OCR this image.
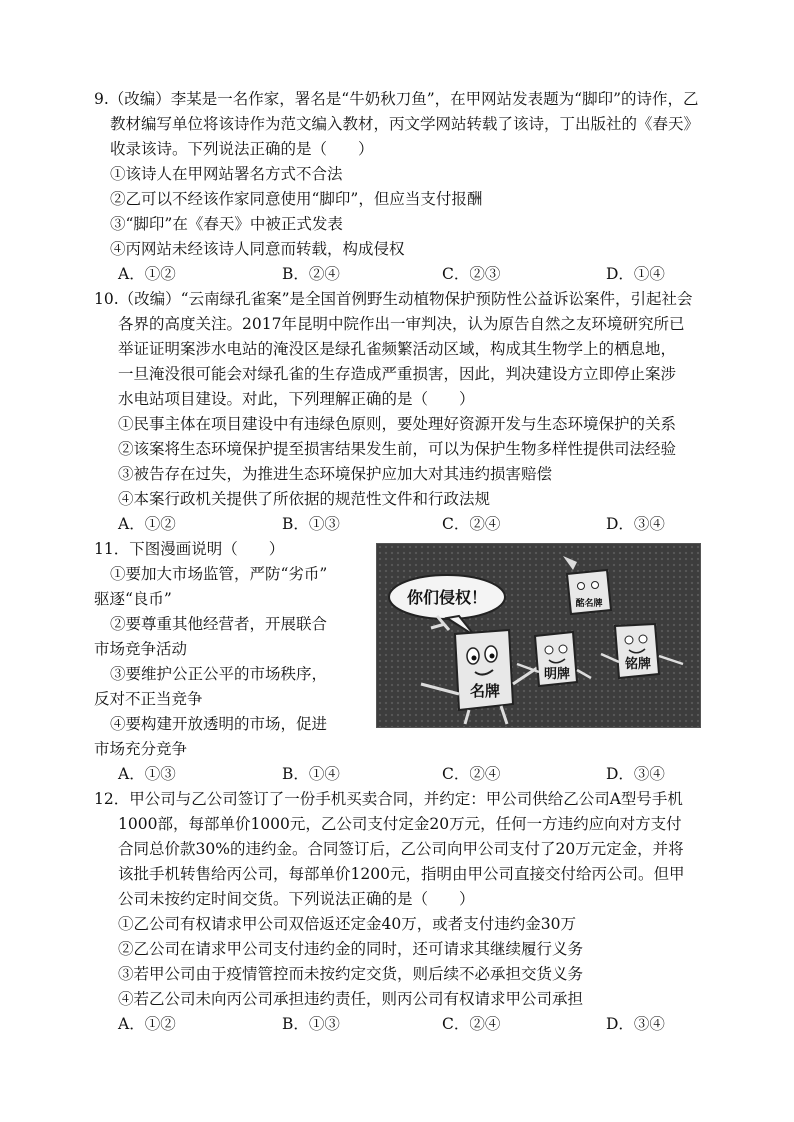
9.（改编）李某是一名作家，署名是“牛奶秋刀鱼”，在甲网站发表题为“脚印”的诗作，乙
教材编写单位将该诗作为范文编入教材，丙文学网站转载了该诗，丁出版社的《春天》
收录该诗。下列说法正确的是（　　）
①该诗人在甲网站署名方式不合法
②乙可以不经该作家同意使用“脚印”，但应当支付报酬
③“脚印”在《春天》中被正式发表
④丙网站未经该诗人同意而转载，构成侵权
A．①②	B．②④	C．②③	D．①④
10.（改编）“云南绿孔雀案”是全国首例野生动植物保护预防性公益诉讼案件，引起社会
各界的高度关注。2017年昆明中院作出一审判决，认为原告自然之友环境研究所已
举证证明案涉水电站的淹没区是绿孔雀频繁活动区域，构成其生物学上的栖息地，
一旦淹没很可能会对绿孔雀的生存造成严重损害，因此，判决建设方立即停止案涉
水电站项目建设。对此，下列理解正确的是（　　）
①民事主体在项目建设中有违绿色原则，要处理好资源开发与生态环境保护的关系
②该案将生态环境保护提至损害结果发生前，可以为保护生物多样性提供司法经验
③被告存在过失，为推进生态环境保护应加大对其违约损害赔偿
④本案行政机关提供了所依据的规范性文件和行政法规
A．①②	B．①③	C．②④	D．③④
11．下图漫画说明（　　）
①要加大市场监管，严防“劣币”
驱逐“良币”
②要尊重其他经营者，开展联合
市场竞争活动
③要维护公正公平的市场秩序，
反对不正当竞争
④要构建开放透明的市场，促进
市场充分竞争
A．①③	B．①④	C．②④	D．③④
你们侵权！
名牌
明牌
铭牌
酩名牌
12．甲公司与乙公司签订了一份手机买卖合同，并约定：甲公司供给乙公司A型号手机
1000部，每部单价1000元，乙公司支付定金20万元，任何一方违约应向对方支付
合同总价款30%的违约金。合同签订后，乙公司向甲公司支付了20万元定金，并将
该批手机转售给丙公司，每部单价1200元，指明由甲公司直接交付给丙公司。但甲
公司未按约定时间交货。下列说法正确的是（　　）
①乙公司有权请求甲公司双倍返还定金40万，或者支付违约金30万
②乙公司在请求甲公司支付违约金的同时，还可请求其继续履行义务
③若甲公司由于疫情管控而未按约定交货，则后续不必承担交货义务
④若乙公司未向丙公司承担违约责任，则丙公司有权请求甲公司承担
A．①②	B．①③	C．②④	D．③④
